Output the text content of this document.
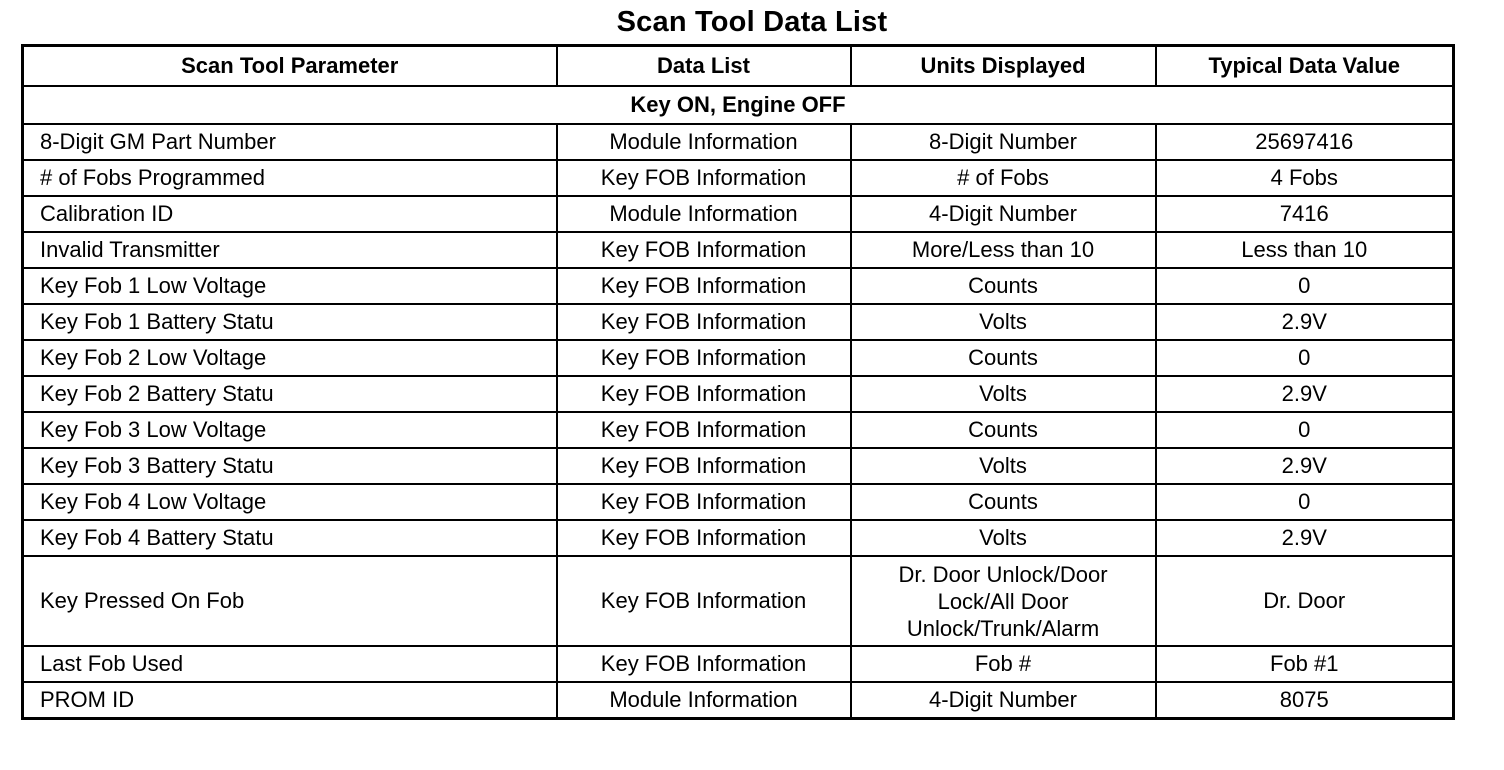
Scan Tool Data List
Scan Tool Parameter	Data List	Units Displayed	Typical Data Value
Key ON, Engine OFF			
8-Digit GM Part Number	Module Information	8-Digit Number	25697416
# of Fobs Programmed	Key FOB Information	# of Fobs	4 Fobs
Calibration ID	Module Information	4-Digit Number	7416
Invalid Transmitter	Key FOB Information	More/Less than 10	Less than 10
Key Fob 1 Low Voltage	Key FOB Information	Counts	0
Key Fob 1 Battery Statu	Key FOB Information	Volts	2.9V
Key Fob 2 Low Voltage	Key FOB Information	Counts	0
Key Fob 2 Battery Statu	Key FOB Information	Volts	2.9V
Key Fob 3 Low Voltage	Key FOB Information	Counts	0
Key Fob 3 Battery Statu	Key FOB Information	Volts	2.9V
Key Fob 4 Low Voltage	Key FOB Information	Counts	0
Key Fob 4 Battery Statu	Key FOB Information	Volts	2.9V
Key Pressed On Fob	Key FOB Information	Dr. Door Unlock/Door
Lock/All Door
Unlock/Trunk/Alarm	Dr. Door
Last Fob Used	Key FOB Information	Fob #	Fob #1
PROM ID	Module Information	4-Digit Number	8075
